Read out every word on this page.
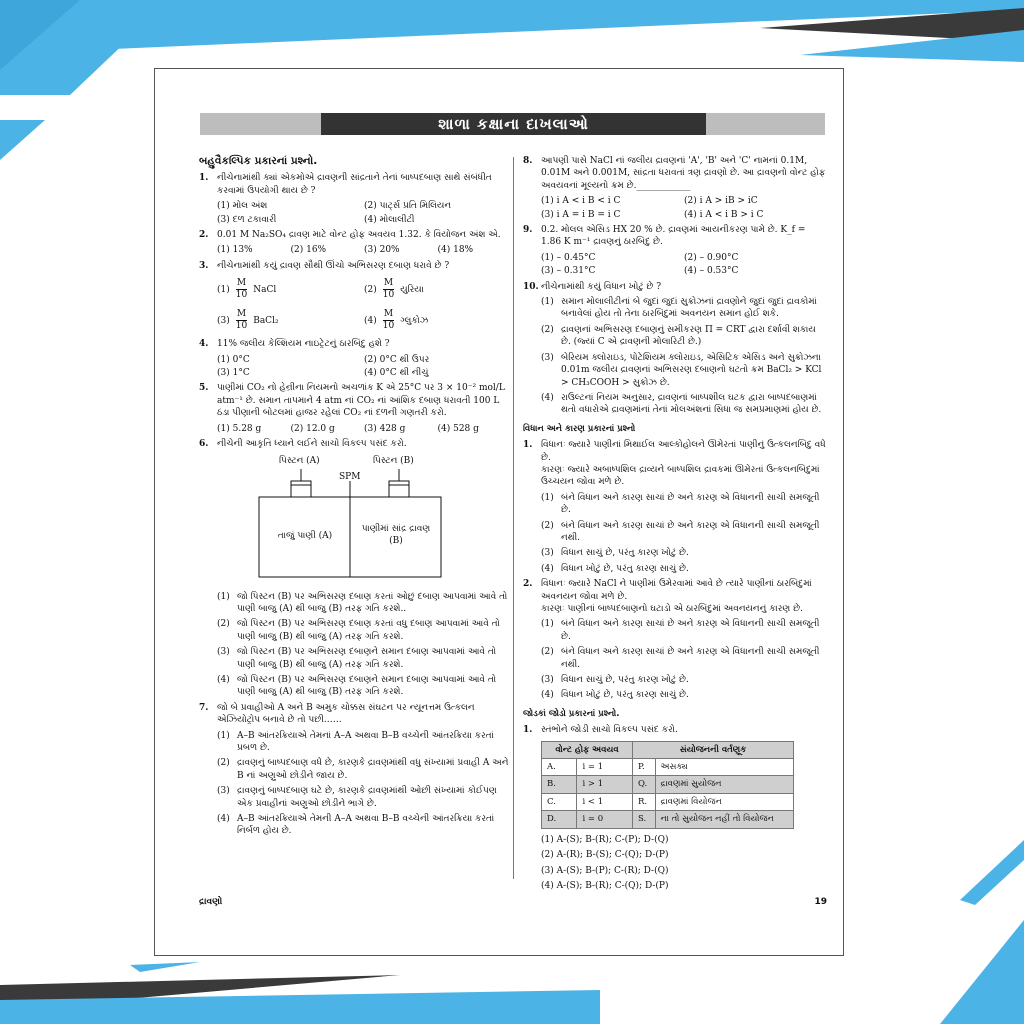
શાળા કક્ષાના દાખલાઓ
બહુવૈકલ્પિક પ્રકારનાં પ્રશ્નો.
1. નીચેનામાંથી ક્યાં એકમોએ દ્રાવણની સાંદ્રતાને તેનાં બાષ્પદબાણ સાથે સંબંધીત કરવામાં ઉપયોગી થાય છે ?
(1) મોલ અંશ	(2) પાર્ટ્સ પ્રતિ મિલિયન
(3) દળ ટકાવારી	(4) મોલાલીટી
2. 0.01 M Na₂SO₄ દ્રાવણ માટે વોન્ટ હોફ અવયવ 1.32. કે વિયોજન અંશ એ.
(1) 13%	(2) 16%	(3) 20%	(4) 18%
3. નીચેનામાંથી કયું દ્રાવણ સૌથી ઊંચો અભિસરણ દબાણ ધરાવે છે ?
$(1) \frac{M}{10}$ NaCl	$(2) \frac{M}{10}$ યુરિયા
$(3) \frac{M}{10}$ BaCl₂	$(4) \frac{M}{10}$ ગ્લુકોઝ
4. 11% જલીય કેલ્શિયમ નાઇટ્રેટનું ઠારબિંદુ હશે ?
(1) 0°C	(2) 0°C થી ઉપર
(3) 1°C	(4) 0°C થી નીચું
5. પાણીમાં CO₂ નો હેન્રીના નિયમનો અચળાંક K એ 25°C પર 3 × 10⁻² mol/L atm⁻¹ છે. સમાન તાપમાને 4 atm નાં CO₂ નાં આંશિક દબાણ ધરાવતી 100 L ઠંડા પીણાની બોટલમાં હાજર રહેલાં CO₂ નાં દળની ગણતરી કરો.
(1) 5.28 g	(2) 12.0 g	(3) 428 g	(4) 528 g
6. નીચેની આકૃતિ ધ્યાને લઈને સાચો વિકલ્પ પસંદ કરો.
પિસ્ટન (A)	પિસ્ટન (B)
SPM
તાજું પાણી (A)
પાણીમાં સાંદ્ર દ્રાવણ (B)
(1) જો પિસ્ટન (B) પર અભિસરણ દબાણ કરતાં ઓછું દબાણ આપવામાં આવે તો પાણી બાજુ (A) થી બાજુ (B) તરફ ગતિ કરશે..
(2) જો પિસ્ટન (B) પર અભિસરણ દબાણ કરતાં વધુ દબાણ આપવામાં આવે તો પાણી બાજુ (B) થી બાજુ (A) તરફ ગતિ કરશે.
(3) જો પિસ્ટન (B) પર અભિસરણ દબાણને સમાન દબાણ આપવામાં આવે તો પાણી બાજુ (B) થી બાજુ (A) તરફ ગતિ કરશે.
(4) જો પિસ્ટન (B) પર અભિસરણ દબાણને સમાન દબાણ આપવામાં આવે તો પાણી બાજુ (A) થી બાજુ (B) તરફ ગતિ કરશે.
7. જો બે પ્રવાહીઓ A અને B અમુક ચોક્કસ સંઘટન પર ન્યૂનત્તમ ઉત્કલન એઝિયોટ્રોપ બનાવે છે તો પછી……
(1) A–B આંતરક્રિયાએ તેમનાં A–A અથવા B–B વચ્ચેની આંતરક્રિયા કરતાં પ્રબળ છે.
(2) દ્રાવણનું બાષ્પદબાણ વધે છે, કારણકે દ્રાવણમાંથી વધુ સંખ્યામાં પ્રવાહી A અને B નાં અણુઓ છોડીને જાય છે.
(3) દ્રાવણનું બાષ્પદબાણ ઘટે છે, કારણકે દ્રાવણમાંથી ઓછી સંખ્યામાં કોઈપણ એક પ્રવાહીનાં અણુઓ છોડીને ભાગે છે.
(4) A–B આંતરક્રિયાએ તેમની A–A અથવા B–B વચ્ચેની આંતરક્રિયા કરતાં નિર્બળ હોય છે.
8. આપણી પાસે NaCl નાં જલીય દ્રાવણનાં 'A', 'B' અને 'C' નામનાં 0.1M, 0.01M અને 0.001M, સાંદ્રતા ધરાવતાં ત્રણ દ્રાવણો છે. આ દ્રાવણનો વોન્ટ હોફ અવયવનાં મૂલ્યનો ક્રમ છે.____________
(1) i A < i B < i C	(2) i A > iB > iC
(3) i A = i B = i C	(4) i A < i B > i C
9. 0.2. મોલલ એસિડ HX 20 % છે. દ્રાવણમાં આયનીકરણ પામે છે. K_f = 1.86 K m⁻¹ દ્રાવણનું ઠારબિંદુ છે.
(1) – 0.45°C	(2) – 0.90°C
(3) – 0.31°C	(4) – 0.53°C
10. નીચેનામાંથી કયું વિધાન ખોટું છે ?
(1) સમાન મોલાલીટીનાં બે જુદાં જુદાં સુક્રોઝનાં દ્રાવણોને જુદાં જુદાં દ્રાવકોમાં બનાવેલાં હોય તો તેના ઠારબિંદુમાં અવનયન સમાન હોઈ શકે.
(2) દ્રાવણનાં અભિસરણ દબાણનું સમીકરણ Π = CRT દ્વારા દર્શાવી શકાય છે. (જ્યાં C એ દ્રાવણની મોલારિટી છે.)
(3) બેરિયમ ક્લોરાઇડ, પોટેશિયમ ક્લોરાઇડ, એસિટિક એસિડ અને સુક્રોઝના 0.01m જલીય દ્રાવણનાં અભિસરણ દબાણનો ઘટતો ક્રમ BaCl₂ > KCl > CH₃COOH > સુક્રોઝ છે.
(4) રાઉલ્ટનાં નિયમ અનુસાર, દ્રાવણનાં બાષ્પશીલ ઘટક દ્વારા બાષ્પદબાણમાં થતો વધારોએ દ્રાવણમાંનાં તેનાં મોલઅંશનાં સિધા જ સમપ્રમાણમાં હોય છે.
વિધાન અને કારણ પ્રકારનાં પ્રશ્નો
1. વિધાનઃ જ્યારે પાણીનાં મિથાઈલ આલ્કોહોલને ઊમેરતાં પાણીનું ઉત્કલનબિંદુ વધે છે.
કારણઃ જ્યારે અબાષ્પશિલ દ્રાવ્યને બાષ્પશિલ દ્રાવકમાં ઊમેરતાં ઉત્કલનબિંદુમાં ઉચ્ચયન જોવા મળે છે.
(1) બંને વિધાન અને કારણ સાચાં છે અને કારણ એ વિધાનની સાચી સમજૂતી છે.
(2) બંને વિધાન અને કારણ સાચાં છે અને કારણ એ વિધાનની સાચી સમજૂતી નથી.
(3) વિધાન સાચું છે, પરંતુ કારણ ખોટું છે.
(4) વિધાન ખોટું છે, પરંતુ કારણ સાચું છે.
2. વિધાનઃ જ્યારે NaCl ને પાણીમાં ઉમેરવામાં આવે છે ત્યારે પાણીનાં ઠારબિંદુમાં અવનયન જોવા મળે છે.
કારણઃ પાણીનાં બાષ્પદબાણનો ઘટાડો એ ઠારબિંદુમાં અવનયનનું કારણ છે.
(1) બંને વિધાન અને કારણ સાચાં છે અને કારણ એ વિધાનની સાચી સમજૂતી છે.
(2) બંને વિધાન અને કારણ સાચાં છે અને કારણ એ વિધાનની સાચી સમજૂતી નથી.
(3) વિધાન સાચું છે, પરંતુ કારણ ખોટું છે.
(4) વિધાન ખોટું છે, પરંતુ કારણ સાચું છે.
જોડકાં જોડો પ્રકારનાં પ્રશ્નો.
1. સ્તંભોને જોડી સાચો વિકલ્પ પસંદ કરો.
વોન્ટ હોફ અવયવ		સંયોજનની વર્તણૂક	
A.	i = 1	P.	અસક્ય
B.	i > 1	Q.	દ્રાવણમાં સુયોજન
C.	i < 1	R.	દ્રાવણમાં વિયોજન
D.	i = 0	S.	ના તો સુયોજન નહીં તો વિયોજન
(1) A-(S); B-(R); C-(P); D-(Q)
(2) A-(R); B-(S); C-(Q); D-(P)
(3) A-(S); B-(P); C-(R); D-(Q)
(4) A-(S); B-(R); C-(Q); D-(P)
દ્રાવણો	19
